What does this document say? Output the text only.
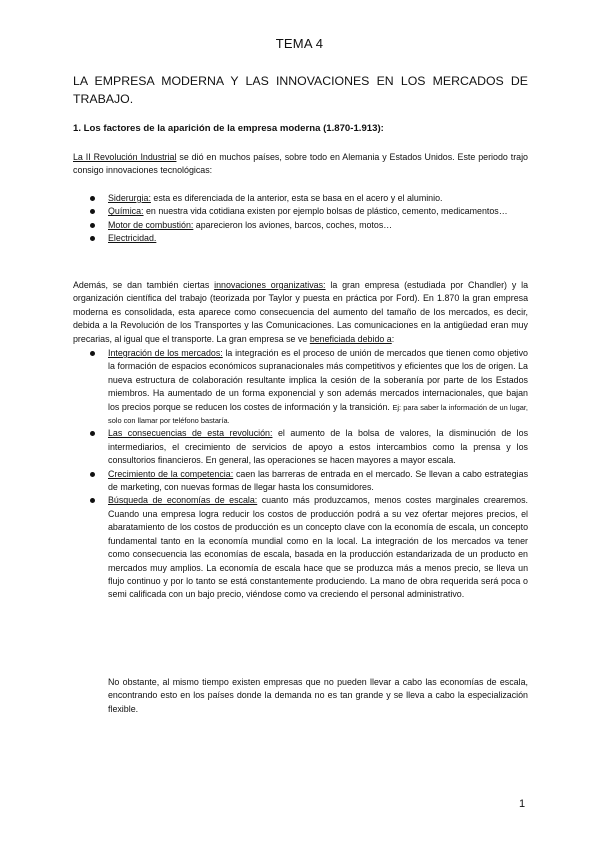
TEMA 4
LA EMPRESA MODERNA Y LAS INNOVACIONES EN LOS MERCADOS DE TRABAJO.
1. Los factores de la aparición de la empresa moderna (1.870-1.913):
La II Revolución Industrial se dió en muchos países, sobre todo en Alemania y Estados Unidos. Este periodo trajo consigo innovaciones tecnológicas:
Siderurgia: esta es diferenciada de la anterior, esta se basa en el acero y el aluminio.
Química: en nuestra vida cotidiana existen por ejemplo bolsas de plástico, cemento, medicamentos…
Motor de combustión: aparecieron los aviones, barcos, coches, motos…
Electricidad.
Además, se dan también ciertas innovaciones organizativas: la gran empresa (estudiada por Chandler) y la organización científica del trabajo (teorizada por Taylor y puesta en práctica por Ford). En 1.870 la gran empresa moderna es consolidada, esta aparece como consecuencia del aumento del tamaño de los mercados, es decir, debida a la Revolución de los Transportes y las Comunicaciones. Las comunicaciones en la antigüedad eran muy precarias, al igual que el transporte. La gran empresa se ve beneficiada debido a:
Integración de los mercados: la integración es el proceso de unión de mercados que tienen como objetivo la formación de espacios económicos supranacionales más competitivos y eficientes que los de origen. La nueva estructura de colaboración resultante implica la cesión de la soberanía por parte de los Estados miembros. Ha aumentado de un forma exponencial y son además mercados internacionales, que bajan los precios porque se reducen los costes de información y la transición. Ej: para saber la información de un lugar, solo con llamar por teléfono bastaría.
Las consecuencias de esta revolución: el aumento de la bolsa de valores, la disminución de los intermediarios, el crecimiento de servicios de apoyo a estos intercambios como la prensa y los consultorios financieros. En general, las operaciones se hacen mayores a mayor escala.
Crecimiento de la competencia: caen las barreras de entrada en el mercado. Se llevan a cabo estrategias de marketing, con nuevas formas de llegar hasta los consumidores.
Búsqueda de economías de escala: cuanto más produzcamos, menos costes marginales crearemos. Cuando una empresa logra reducir los costos de producción podrá a su vez ofertar mejores precios, el abaratamiento de los costos de producción es un concepto clave con la economía de escala, un concepto fundamental tanto en la economía mundial como en la local. La integración de los mercados va tener como consecuencia las economías de escala, basada en la producción estandarizada de un producto en mercados muy amplios. La economía de escala hace que se produzca más a menos precio, se lleva un flujo continuo y por lo tanto se está constantemente produciendo. La mano de obra requerida será poca o semi calificada con un bajo precio, viéndose como va creciendo el personal administrativo.
No obstante, al mismo tiempo existen empresas que no pueden llevar a cabo las economías de escala, encontrando esto en los países donde la demanda no es tan grande y se lleva a cabo la especialización flexible.
1
